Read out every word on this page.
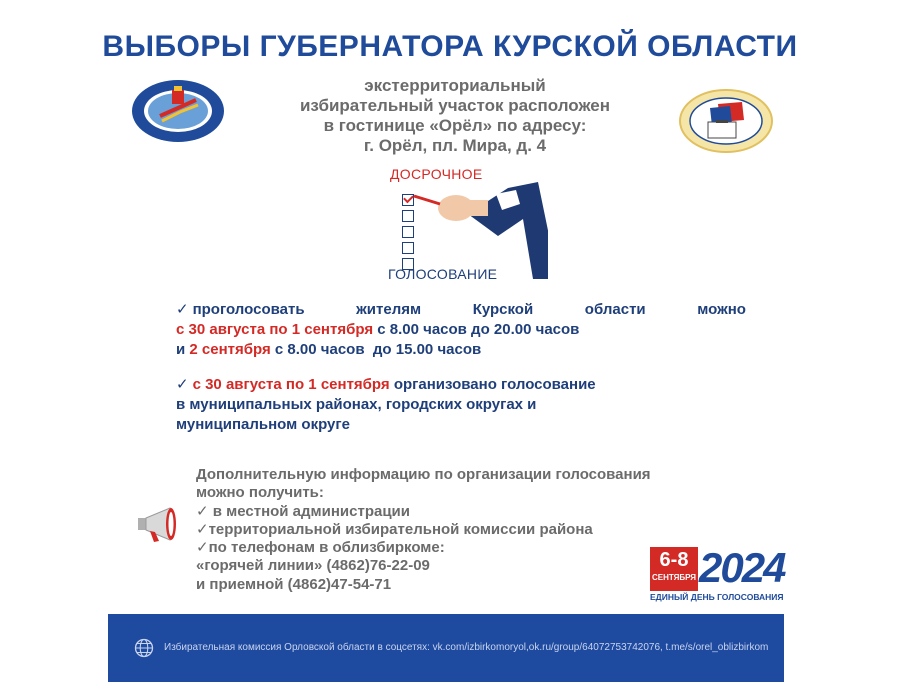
ВЫБОРЫ ГУБЕРНАТОРА КУРСКОЙ ОБЛАСТИ
экстерриториальный
избирательный участок расположен
в гостинице «Орёл» по адресу:
г. Орёл, пл. Мира, д. 4
ДОСРОЧНОЕ
ГОЛОСОВАНИЕ
✓ проголосовать	жителям	Курской	области	можно
с 30 августа по 1 сентября с 8.00 часов до 20.00 часов
и 2 сентября с 8.00 часов  до 15.00 часов
✓ с 30 августа по 1 сентября организовано голосование
в муниципальных районах, городских округах и
муниципальном округе
Дополнительную информацию по организации голосования
можно получить:
✓ в местной администрации
✓территориальной избирательной комиссии района
✓по телефонам в облизбиркоме:
«горячей линии» (4862)76-22-09
и приемной (4862)47-54-71
6-8
СЕНТЯБРЯ 2024
ЕДИНЫЙ ДЕНЬ ГОЛОСОВАНИЯ
Избирательная комиссия Орловской области в соцсетях: vk.com/izbirkomoryol,ok.ru/group/64072753742076, t.me/s/orel_oblizbirkom
